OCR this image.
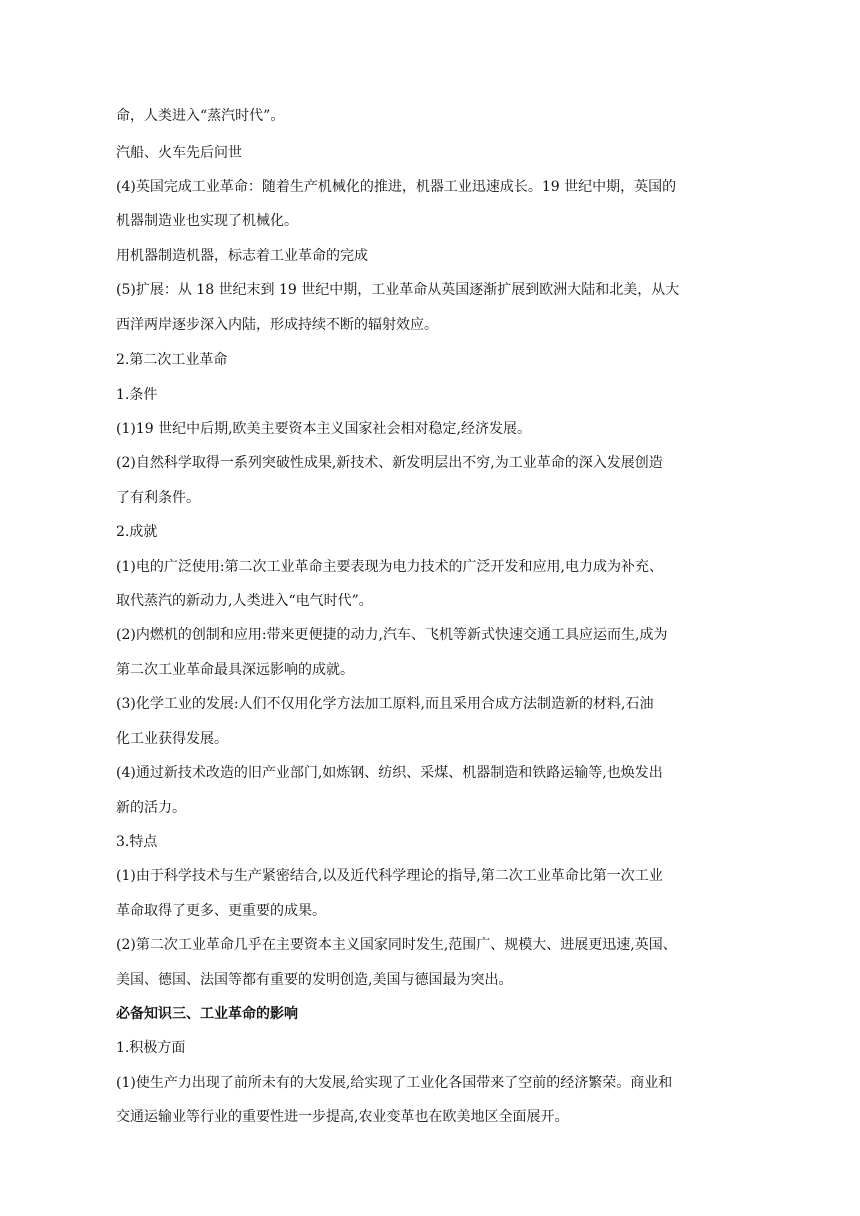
命，人类进入“蒸汽时代”。

汽船、火车先后问世

(4)英国完成工业革命：随着生产机械化的推进，机器工业迅速成长。19 世纪中期，英国的

机器制造业也实现了机械化。

用机器制造机器，标志着工业革命的完成

(5)扩展：从 18 世纪末到 19 世纪中期，工业革命从英国逐渐扩展到欧洲大陆和北美，从大

西洋两岸逐步深入内陆，形成持续不断的辐射效应。

2.第二次工业革命

1.条件

(1)19 世纪中后期,欧美主要资本主义国家社会相对稳定,经济发展。

(2)自然科学取得一系列突破性成果,新技术、新发明层出不穷,为工业革命的深入发展创造

了有利条件。

2.成就

(1)电的广泛使用:第二次工业革命主要表现为电力技术的广泛开发和应用,电力成为补充、

取代蒸汽的新动力,人类进入“电气时代”。

(2)内燃机的创制和应用:带来更便捷的动力,汽车、飞机等新式快速交通工具应运而生,成为

第二次工业革命最具深远影响的成就。

(3)化学工业的发展:人们不仅用化学方法加工原料,而且采用合成方法制造新的材料,石油

化工业获得发展。

(4)通过新技术改造的旧产业部门,如炼钢、纺织、采煤、机器制造和铁路运输等,也焕发出

新的活力。

3.特点

(1)由于科学技术与生产紧密结合,以及近代科学理论的指导,第二次工业革命比第一次工业

革命取得了更多、更重要的成果。

(2)第二次工业革命几乎在主要资本主义国家同时发生,范围广、规模大、进展更迅速,英国、

美国、德国、法国等都有重要的发明创造,美国与德国最为突出。

必备知识三、工业革命的影响

1.积极方面

(1)使生产力出现了前所未有的大发展,给实现了工业化各国带来了空前的经济繁荣。商业和

交通运输业等行业的重要性进一步提高,农业变革也在欧美地区全面展开。
